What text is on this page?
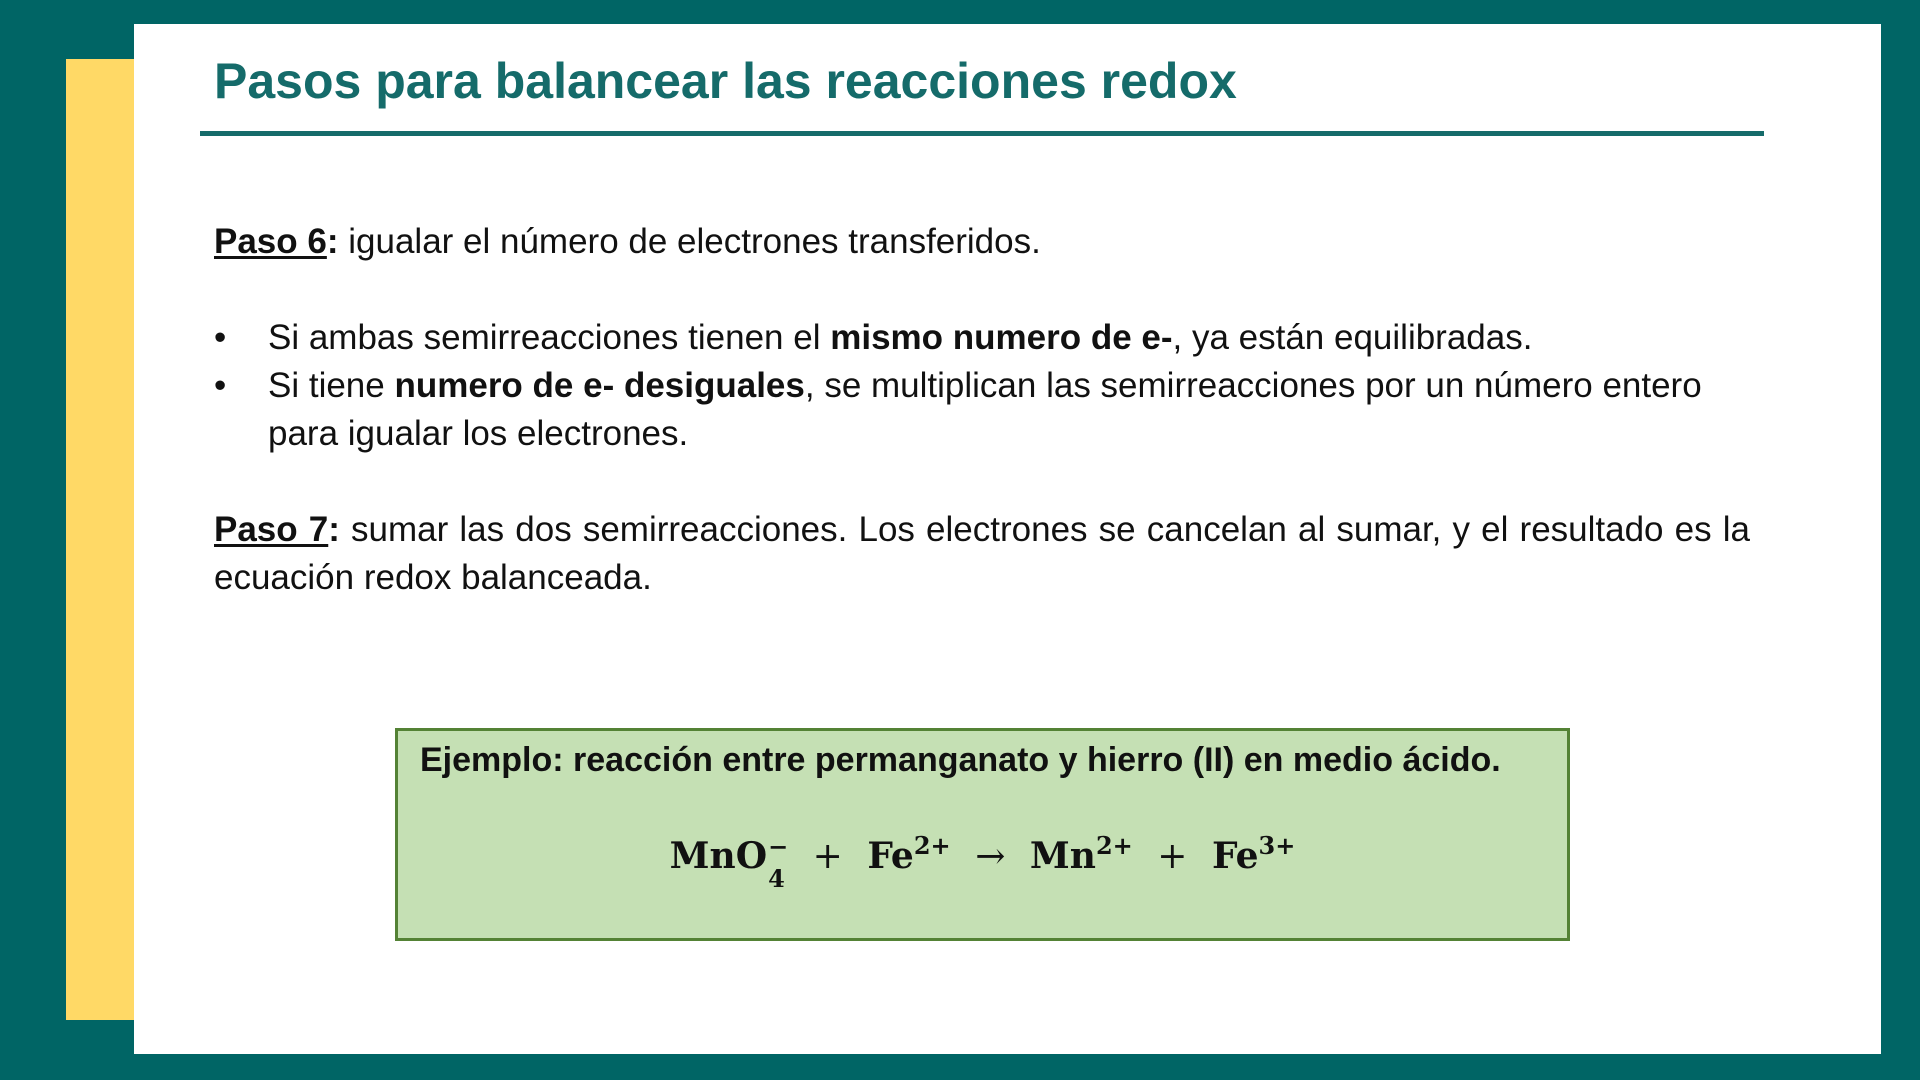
Pasos para balancear las reacciones redox
Paso 6: igualar el número de electrones transferidos.
• Si ambas semirreacciones tienen el mismo numero de e-, ya están equilibradas.
• Si tiene numero de e- desiguales, se multiplican las semirreacciones por un número entero para igualar los electrones.
Paso 7: sumar las dos semirreacciones. Los electrones se cancelan al sumar, y el resultado es la ecuación redox balanceada.

Ejemplo: reacción entre permanganato y hierro (II) en medio ácido.

MnO −
4
+ $Fe^{2+} \to Mn^{2+} + Fe^{3+}$
